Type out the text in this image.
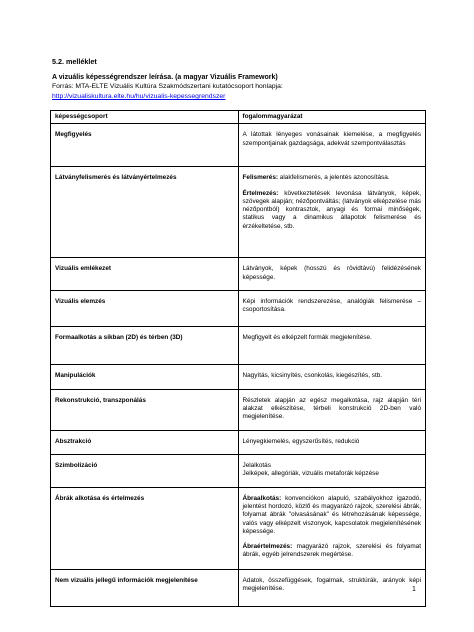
5.2. melléklet
A vizuális képességrendszer leírása. (a magyar Vizuális Framework)
Forrás: MTA-ELTE Vizuális Kultúra Szakmódszertani kutatócsoport honlapja:
http://vizualiskultura.elte.hu/hu/vizualis-kepessegrendszer
képességcsoport	fogalommagyarázat
Megfigyelés	A látottak lényeges vonásainak kiemelése, a megfigyelés szempontjainak gazdagsága, adekvát szempontválasztás
Látványfelismerés és látványértelmezés	Felismerés: alakfelismerés, a jelentés azonosítása.

Értelmezés: következtetések levonása látványok, képek, szövegek alapján; nézőpontváltás; (látványok elképzelése más nézőpontból) kontrasztok, anyagi és formai minőségek, statikus vagy a dinamikus állapotok felismerése és érzékeltetése, stb.

Vizuális emlékezet	Látványok, képek (hosszú és rövidtávú) felidézésének képessége.
Vizuális elemzés	Képi információk rendszerezése, analógiák felismerése – csoportosítása.
Formaalkotás a síkban (2D) és térben (3D)	Megfigyelt és elképzelt formák megjelenítése.
Manipulációk	Nagyítás, kicsinyítés, csonkolás, kiegészítés, stb.
Rekonstrukció, transzponálás	Részletek alapján az egész megalkotása, rajz alapján téri alakzat elkészítése, térbeli konstrukció 2D-ben való megjelenítése.
Absztrakció	Lényegkiemelés, egyszerűsítés, redukció
Szimbolizáció	Jelalkotás
Jelképek, allegóriák, vizuális metaforák képzése

Ábrák alkotása és értelmezés	Ábraalkotás: konvenciókon alapuló, szabályokhoz igazodó, jelentést hordozó, közlő és magyarázó rajzok, szerelési ábrák, folyamat ábrák "olvasásának" és létrehozásának képessége, valós vagy elképzelt viszonyok, kapcsolatok megjelenítésének képessége.

Ábraértelmezés: magyarázó rajzok, szerelési és folyamat ábrák, egyéb jelrendszerek megértése.

Nem vizuális jellegű információk megjelenítése	Adatok, összefüggések, fogalmak, struktúrák, arányok képi megjelenítése.	1
